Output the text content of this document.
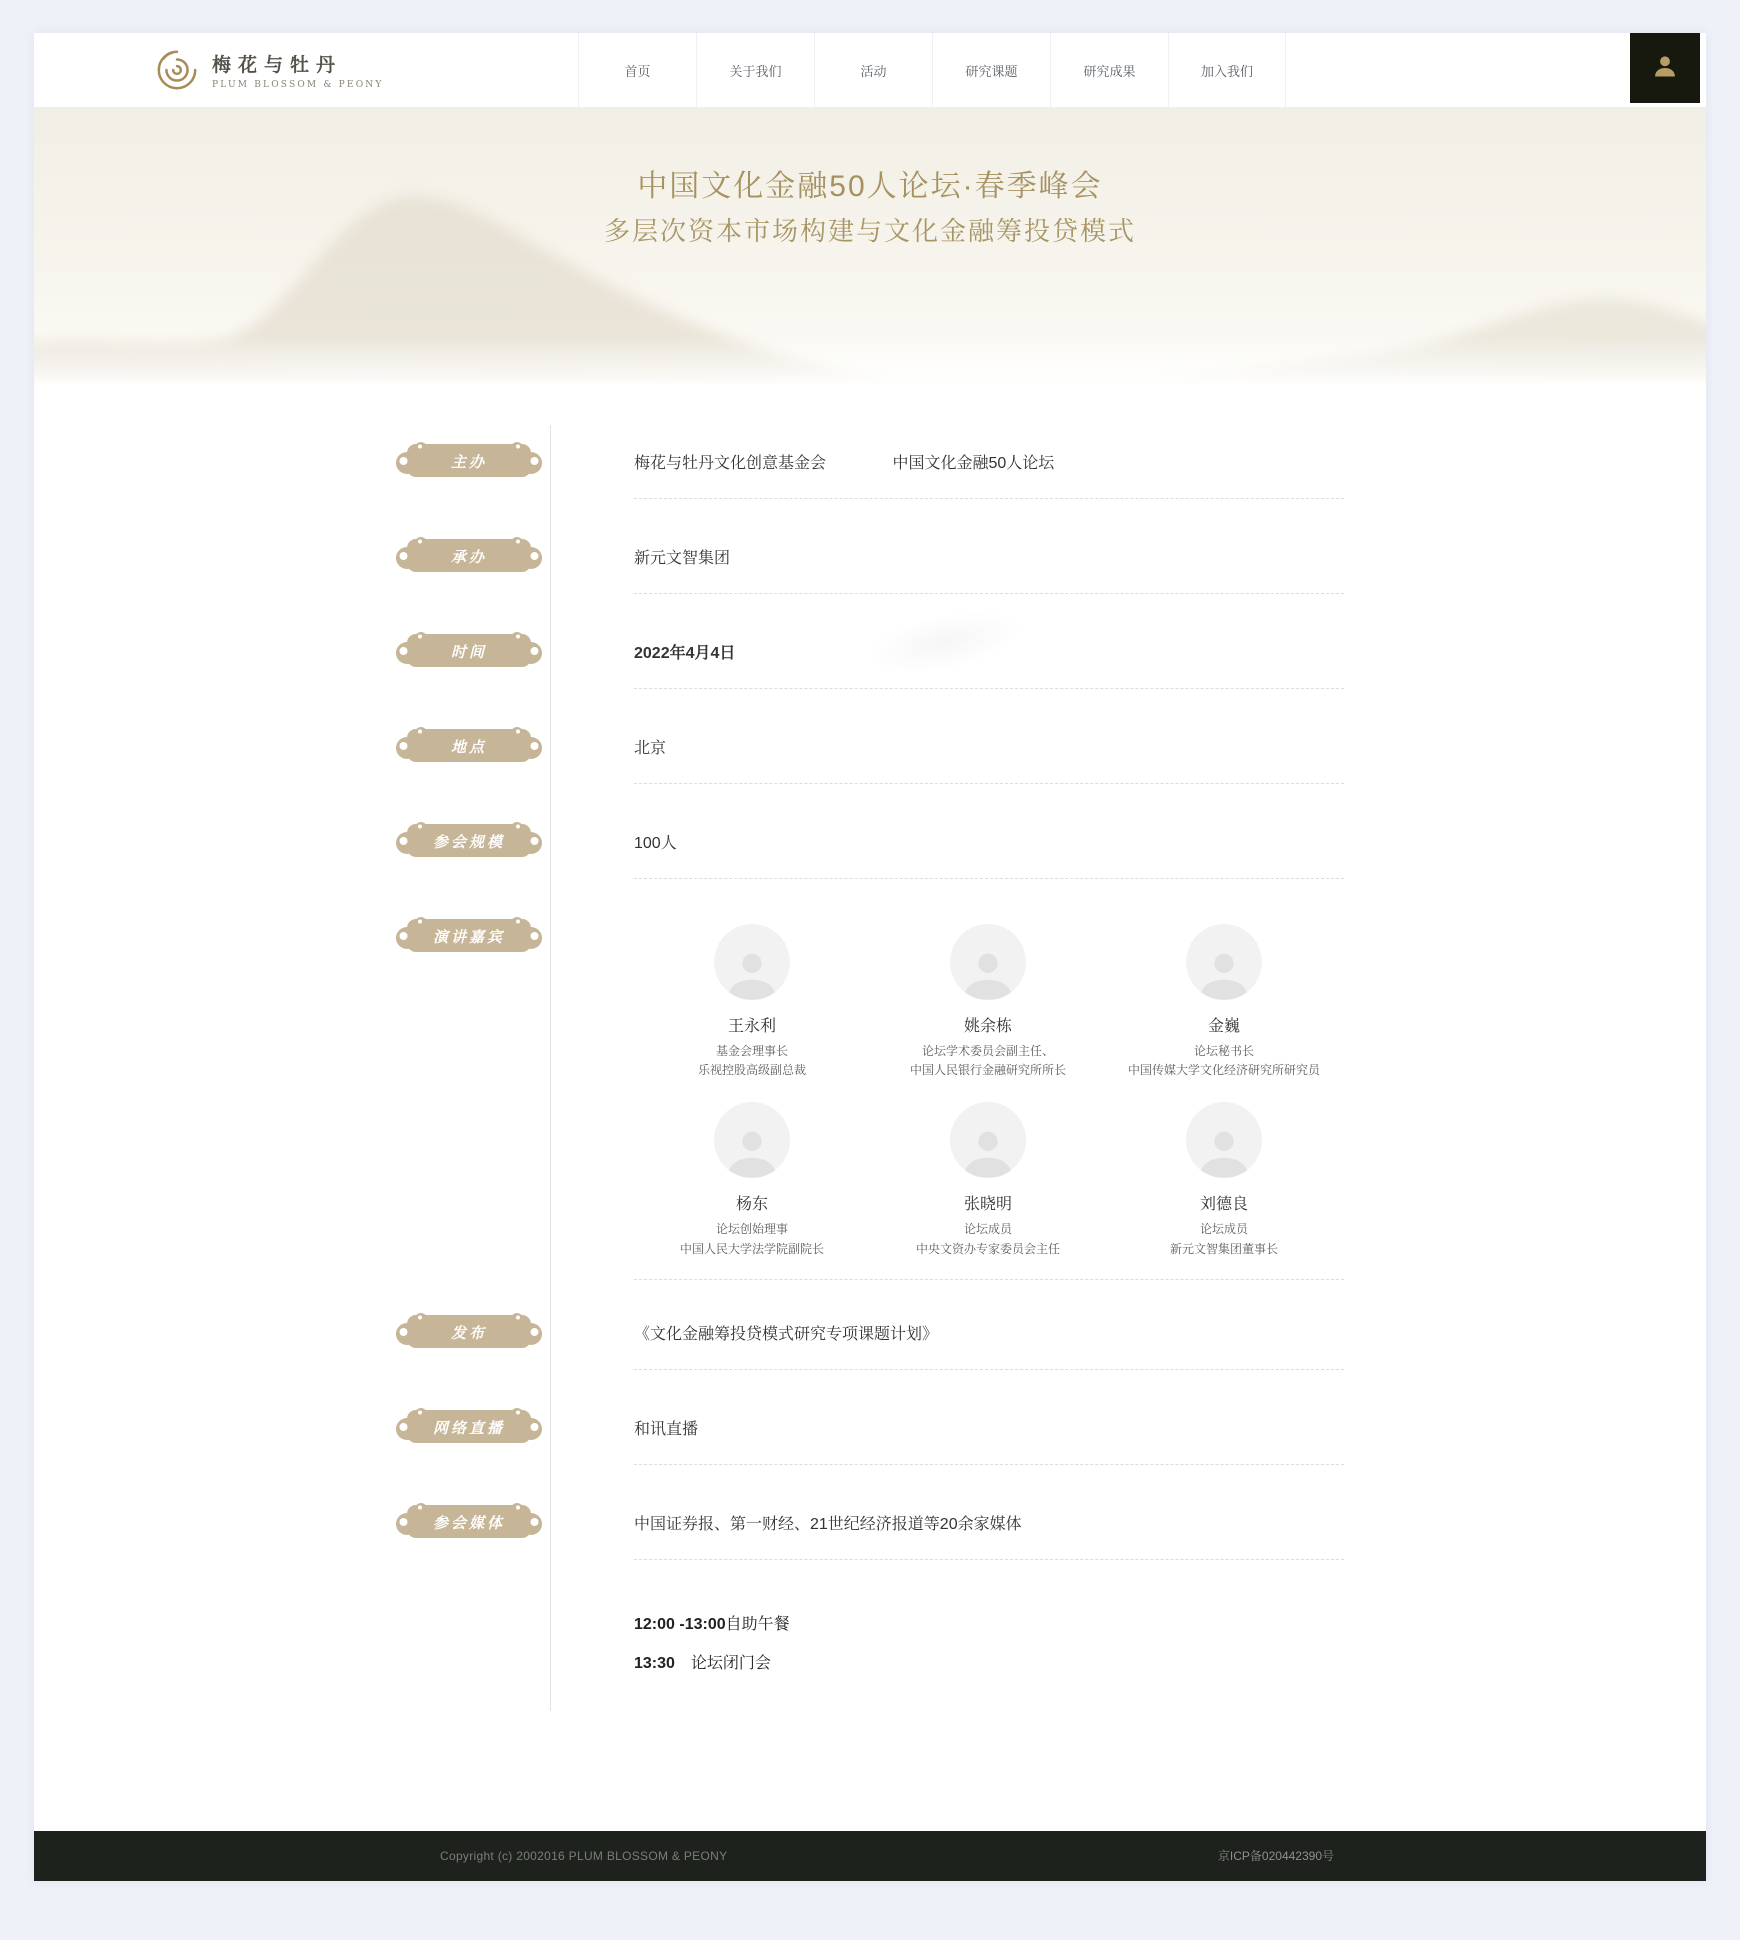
梅花与牡丹
PLUM BLOSSOM & PEONY
首页	关于我们	活动	研究课题	研究成果	加入我们
中国文化金融50人论坛·春季峰会
多层次资本市场构建与文化金融筹投贷模式
主办	梅花与牡丹文化创意基金会	中国文化金融50人论坛
承办	新元文智集团
时间	2022年4月4日
地点	北京
参会规模	100人
演讲嘉宾
王永利
基金会理事长
乐视控股高级副总裁
姚余栋
论坛学术委员会副主任、
中国人民银行金融研究所所长
金巍
论坛秘书长
中国传媒大学文化经济研究所研究员
杨东
论坛创始理事
中国人民大学法学院副院长
张晓明
论坛成员
中央文资办专家委员会主任
刘德良
论坛成员
新元文智集团董事长
发布	《文化金融筹投贷模式研究专项课题计划》
网络直播	和讯直播
参会媒体	中国证券报、第一财经、21世纪经济报道等20余家媒体
12:00 -13:00自助午餐
13:30 论坛闭门会
Copyright (c) 2002016 PLUM BLOSSOM & PEONY	京ICP备020442390号
